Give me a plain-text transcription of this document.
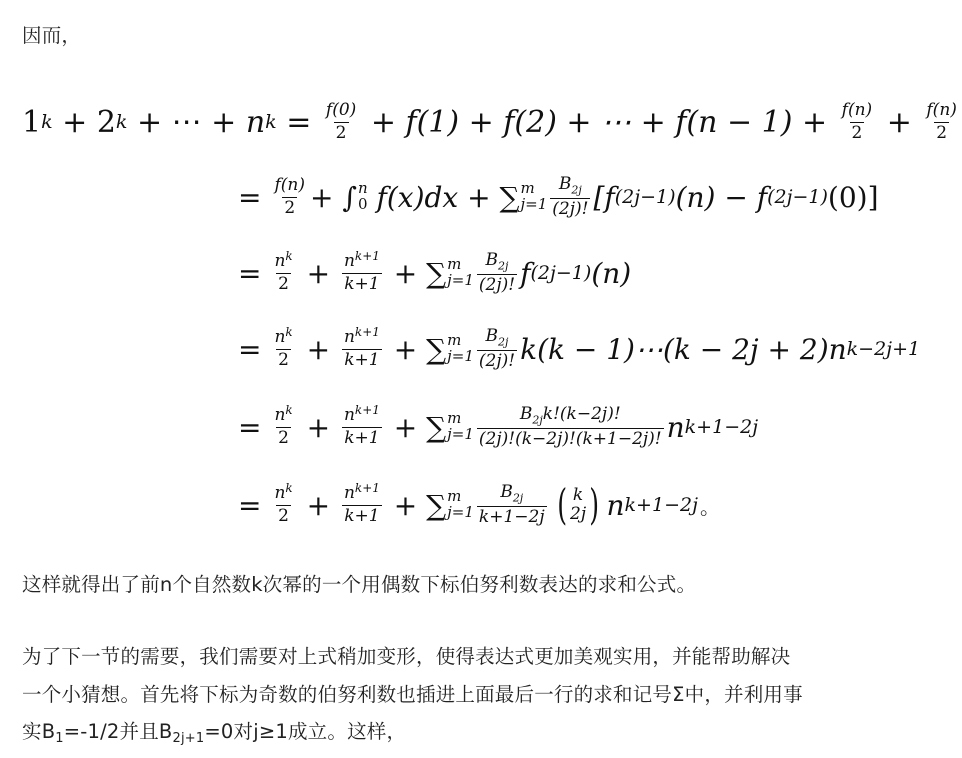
因而，
1 k + 2 k + ⋯ + n $k = \frac{f(0)}{2} + f(1) + f(2)$ + ⋯ + $f(n - 1) + \frac{f(n)}{2} + \frac{f(n)}{2}$
= $\frac{f(n)}{2}$ + ∫ n
0 f(x)dx + ∑ m
$j=1 \frac{B_{2j}}{(2j)!} [f$ (2j−1) (n) − f (2j−1) (0)]
= $\frac{n^k}{2} + \frac{n^{k+1}}{k+1}$ + ∑ m
$j=1 \frac{B_{2j}}{(2j)!}$ f (2j−1) (n)
= $\frac{n^k}{2} + \frac{n^{k+1}}{k+1}$ + ∑ m
$j=1 \frac{B_{2j}}{(2j)!} k(k$ − 1)⋯(k − 2j + 2)n k−2j+1
= $\frac{n^k}{2} + \frac{n^{k+1}}{k+1}$ + ∑ m
$j=1 \frac{B_{2j}k!(k-2j)!}{(2j)!(k-2j)!(k+1-2j)!}$ n k+1−2j
= $\frac{n^k}{2} + \frac{n^{k+1}}{k+1}$ + ∑ m
$j=1 \frac{B_{2j}}{k+1-2j}$ ( k
2j ) n k+1−2j 。
这样就得出了前n个自然数k次幂的一个用偶数下标伯努利数表达的求和公式。
为了下一节的需要，我们需要对上式稍加变形，使得表达式更加美观实用，并能帮助解决
一个小猜想。首先将下标为奇数的伯努利数也插进上面最后一行的求和记号Σ中，并利用事
实$B_1=-1/2$并且$B_{2j+1}=0$对j≥1成立。这样，
